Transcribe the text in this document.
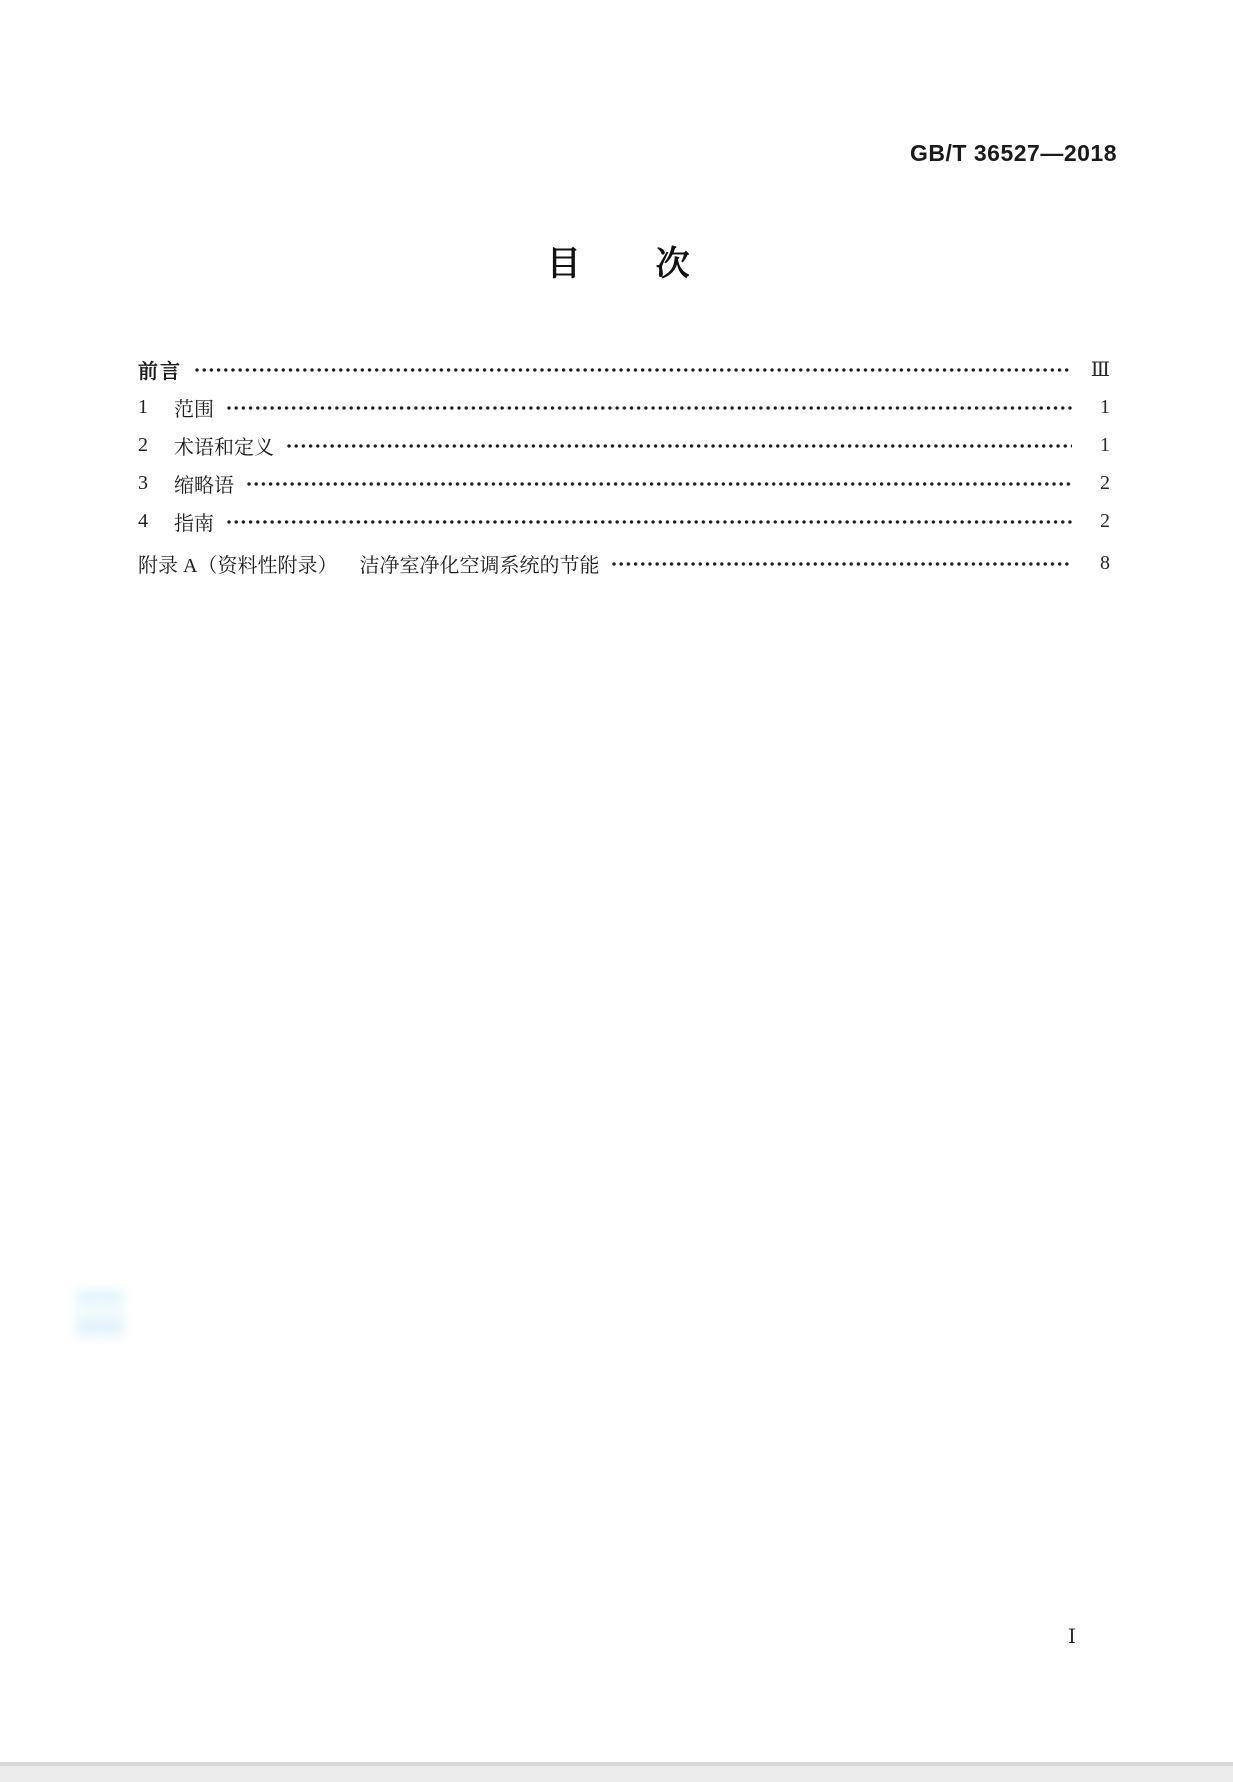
GB/T 36527—2018
目次
前言	Ⅲ
1	范围	1
2	术语和定义	1
3	缩略语	2
4	指南	2
附录 A（资料性附录） 洁净室净化空调系统的节能	8
Ⅰ
